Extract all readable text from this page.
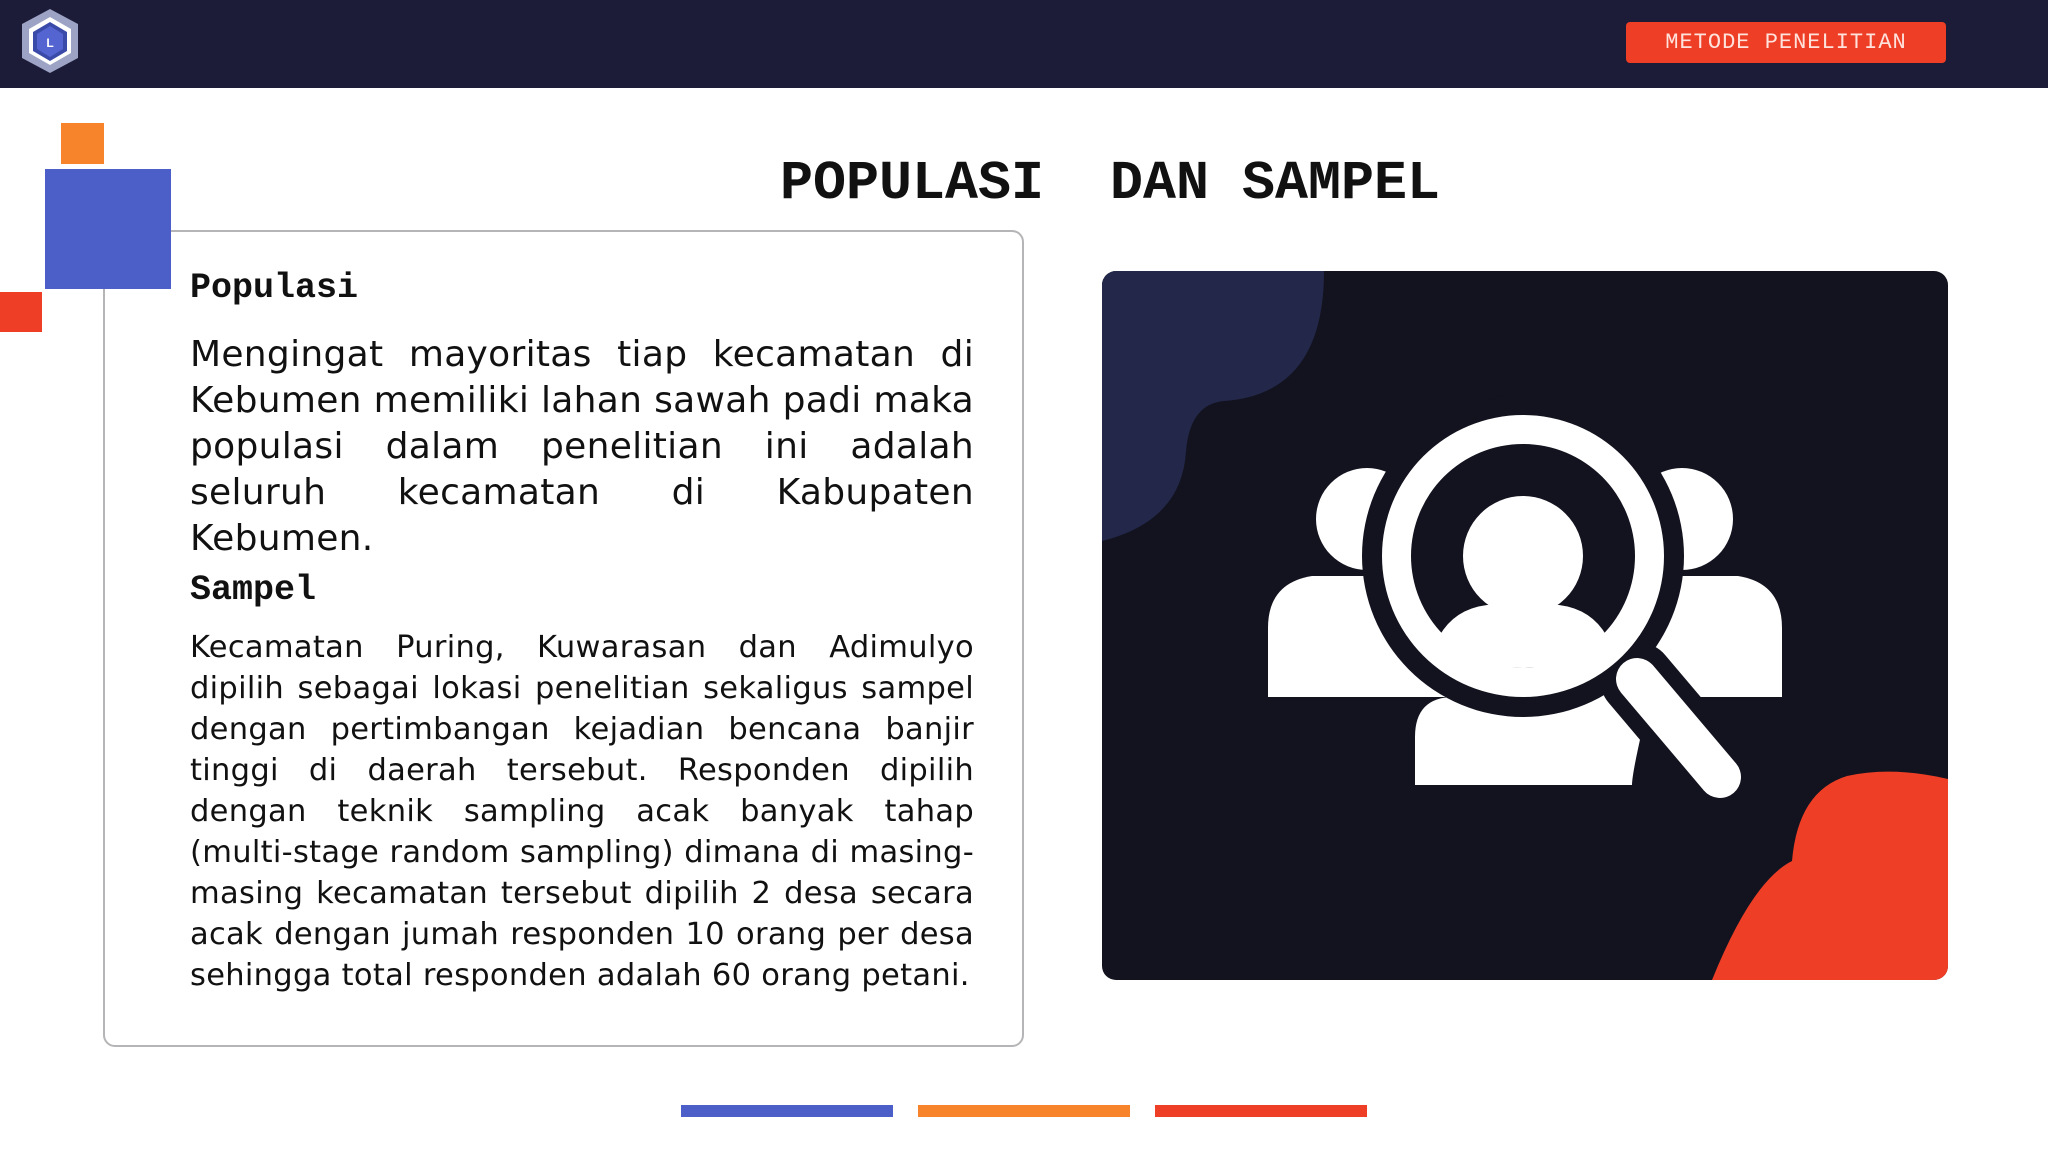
L	METODE PENELITIAN
POPULASI  DAN SAMPEL
Populasi

Mengingat mayoritas tiap kecamatan di Kebumen memiliki lahan sawah padi maka populasi dalam penelitian ini adalah seluruh kecamatan di Kabupaten Kebumen.

Sampel

Kecamatan Puring, Kuwarasan dan Adimulyo dipilih sebagai lokasi penelitian sekaligus sampel dengan pertimbangan kejadian bencana banjir tinggi di daerah tersebut. Responden dipilih dengan teknik sampling acak banyak tahap (multi-stage random sampling) dimana di masing-masing kecamatan tersebut dipilih 2 desa secara acak dengan jumah responden 10 orang per desa sehingga total responden adalah 60 orang petani.
